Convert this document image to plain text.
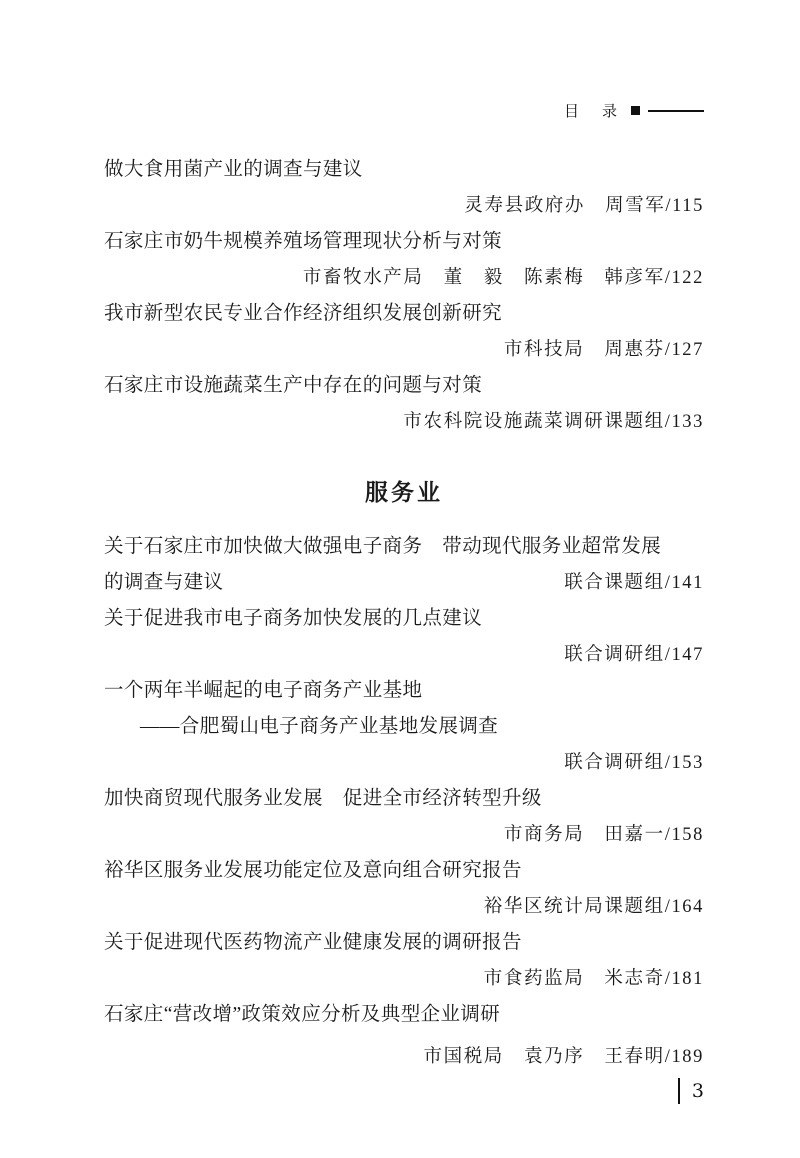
目　录
做大食用菌产业的调查与建议
灵寿县政府办　周雪军/115
石家庄市奶牛规模养殖场管理现状分析与对策
市畜牧水产局　董　毅　陈素梅　韩彦军/122
我市新型农民专业合作经济组织发展创新研究
市科技局　周惠芬/127
石家庄市设施蔬菜生产中存在的问题与对策
市农科院设施蔬菜调研课题组/133
服务业
关于石家庄市加快做大做强电子商务　带动现代服务业超常发展
的调查与建议	联合课题组/141
关于促进我市电子商务加快发展的几点建议
联合调研组/147
一个两年半崛起的电子商务产业基地
——合肥蜀山电子商务产业基地发展调查
联合调研组/153
加快商贸现代服务业发展　促进全市经济转型升级
市商务局　田嘉一/158
裕华区服务业发展功能定位及意向组合研究报告
裕华区统计局课题组/164
关于促进现代医药物流产业健康发展的调研报告
市食药监局　米志奇/181
石家庄“营改增”政策效应分析及典型企业调研
市国税局　袁乃序　王春明/189
3
